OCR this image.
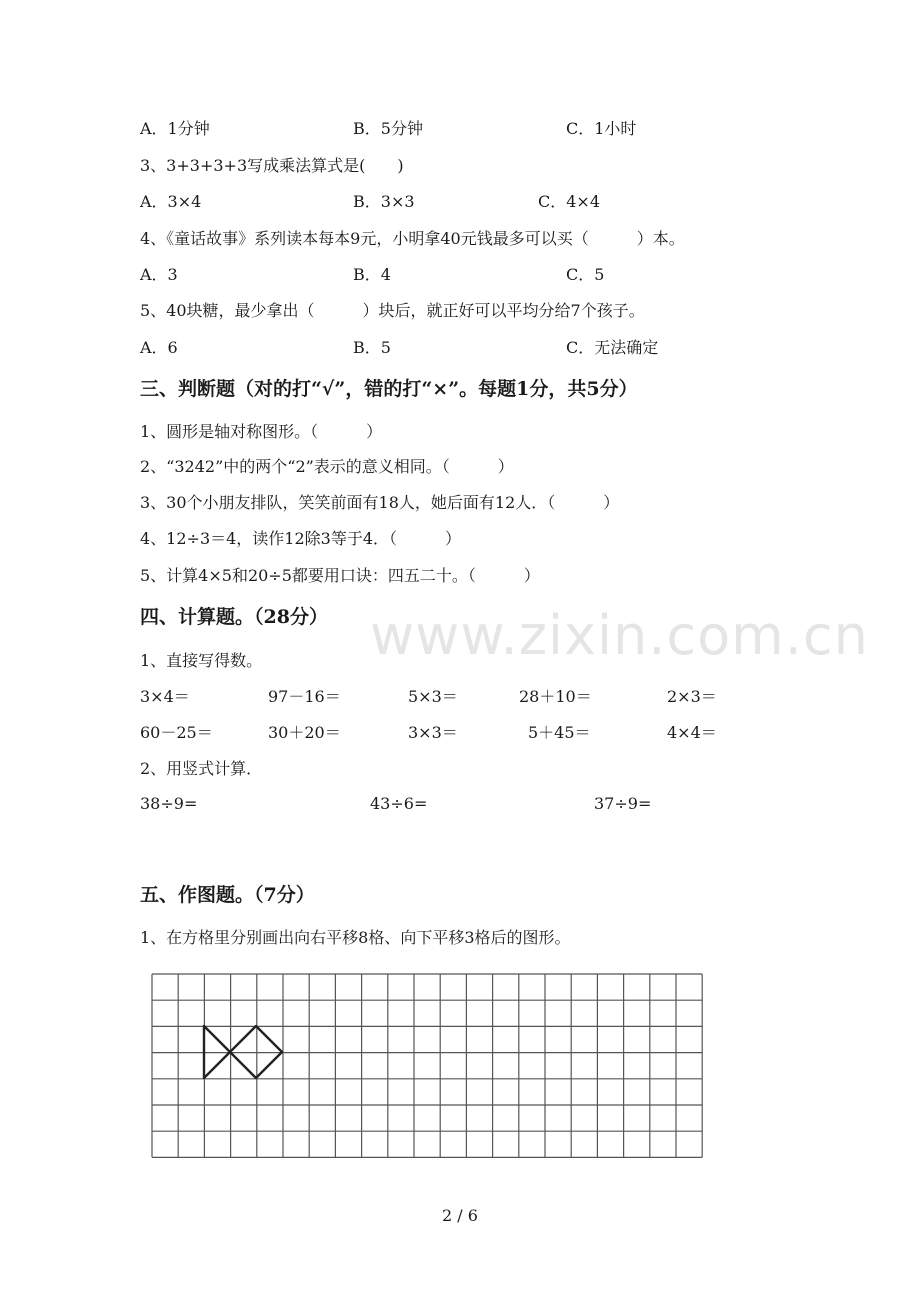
A．1分钟	B．5分钟	C．1小时
3、3+3+3+3写成乘法算式是(　　)
A．3×4	B．3×3	C．4×4
4、《童话故事》系列读本每本9元，小明拿40元钱最多可以买（　　　）本。
A．3	B．4	C．5
5、40块糖，最少拿出（　　　）块后，就正好可以平均分给7个孩子。
A．6	B．5	C．无法确定
三、判断题（对的打“√”，错的打“×”。每题1分，共5分）
1、圆形是轴对称图形。（　　　）
2、“3242”中的两个“2”表示的意义相同。（　　　）
3、30个小朋友排队，笑笑前面有18人，她后面有12人．（　　　）
4、12÷3＝4，读作12除3等于4．（　　　）
5、计算4×5和20÷5都要用口诀：四五二十。（　　　）
四、计算题。（28分）
1、直接写得数。
3×4＝	97－16＝	5×3＝	28＋10＝	2×3＝
60－25＝	30＋20＝	3×3＝	5＋45＝	4×4＝
2、用竖式计算．
38÷9=	43÷6=	37÷9=
五、作图题。（7分）
1、在方格里分别画出向右平移8格、向下平移3格后的图形。
www.zixin.com.cn
2 / 6
